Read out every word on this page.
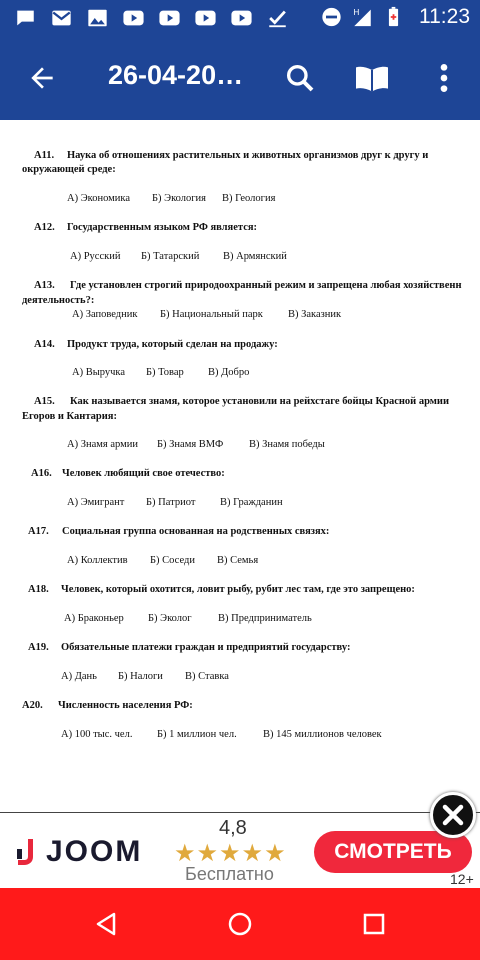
H	11:23
26-04-20…
А11. Наука об отношениях растительных и животных организмов друг к другу и
окружающей среде:
А) Экономика Б) Экология В) Геология
А12. Государственным языком РФ является:
А) Русский Б) Татарский В) Армянский
А13. Где установлен строгий природоохранный режим и запрещена любая хозяйственн
деятельность?:
А) Заповедник Б) Национальный парк В) Заказник
А14. Продукт труда, который сделан на продажу:
А) Выручка Б) Товар В) Добро
А15. Как называется знамя, которое установили на рейхстаге бойцы Красной армии
Егоров и Кантария:
А) Знамя армии Б) Знамя ВМФ В) Знамя победы
А16. Человек любящий свое отечество:
А) Эмигрант Б) Патриот В) Гражданин
А17. Социальная группа основанная на родственных связях:
А) Коллектив Б) Соседи В) Семья
А18. Человек, который охотится, ловит рыбу, рубит лес там, где это запрещено:
А) Браконьер Б) Эколог	В) Предприниматель
А19. Обязательные платежи граждан и предприятий государству:
А) Дань Б) Налоги В) Ставка
А20. Численность населения РФ:
А) 100 тыс. чел. Б) 1 миллион чел.	В) 145 миллионов человек
JOOM
4,8
★★★★★
Бесплатно
СМОТРЕТЬ
12+
